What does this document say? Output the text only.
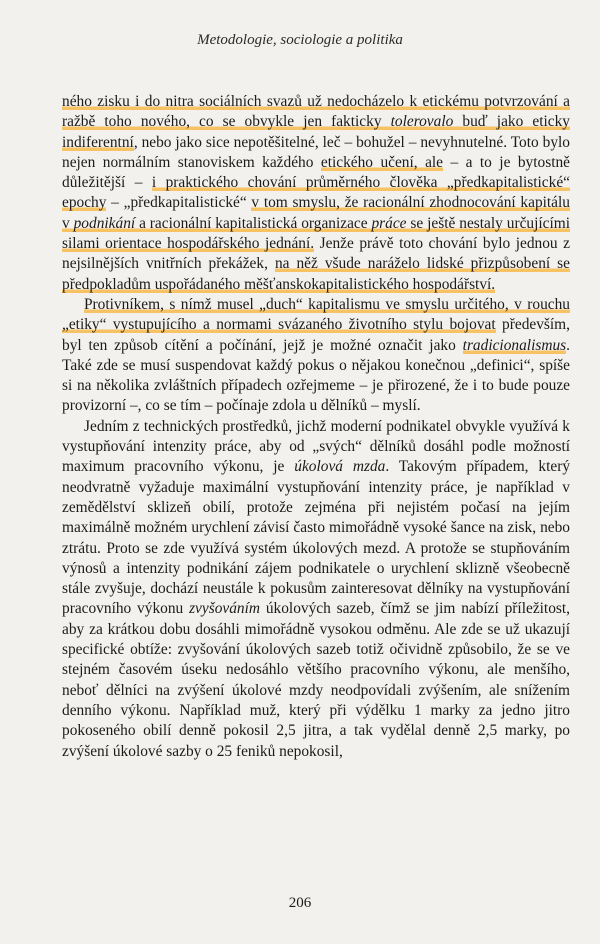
Metodologie, sociologie a politika

ného zisku i do nitra sociálních svazů už nedocházelo k etickému potvrzování a ražbě toho nového, co se obvykle jen fakticky tolerovalo buď jako eticky indiferentní, nebo jako sice nepotěšitelné, leč – bohužel – nevyhnutelné. Toto bylo nejen normálním stanoviskem každého etického učení, ale – a to je bytostně důležitější – i praktického chování průměrného člověka „předkapitalistické“ epochy – „předkapitalistické“ v tom smyslu, že racionální zhodnocování kapitálu v podnikání a racionální kapitalistická organizace práce se ještě nestaly určujícími silami orientace hospodářského jednání. Jenže právě toto chování bylo jednou z nejsilnějších vnitřních překážek, na něž všude naráželo lidské přizpůsobení se předpokladům uspořádaného měšťanskokapitalistického hospodářství.

Protivníkem, s nímž musel „duch“ kapitalismu ve smyslu určitého, v rouchu „etiky“ vystupujícího a normami svázaného životního stylu bojovat především, byl ten způsob cítění a počínání, jejž je možné označit jako tradicionalismus. Také zde se musí suspendovat každý pokus o nějakou konečnou „definici“, spíše si na několika zvláštních případech ozřejmeme – je přirozené, že i to bude pouze provizorní –, co se tím – počínaje zdola u dělníků – myslí.

Jedním z technických prostředků, jichž moderní podnikatel obvykle využívá k vystupňování intenzity práce, aby od „svých“ dělníků dosáhl podle možností maximum pracovního výkonu, je úkolová mzda. Takovým případem, který neodvratně vyžaduje maximální vystupňování intenzity práce, je například v zemědělství sklizeň obilí, protože zejména při nejistém počasí na jejím maximálně možném urychlení závisí často mimořádně vysoké šance na zisk, nebo ztrátu. Proto se zde využívá systém úkolových mezd. A protože se stupňováním výnosů a intenzity podnikání zájem podnikatele o urychlení sklizně všeobecně stále zvyšuje, dochází neustále k pokusům zainteresovat dělníky na vystupňování pracovního výkonu zvyšováním úkolových sazeb, čímž se jim nabízí příležitost, aby za krátkou dobu dosáhli mimořádně vysokou odměnu. Ale zde se už ukazují specifické obtíže: zvyšování úkolových sazeb totiž očividně způsobilo, že se ve stejném časovém úseku nedosáhlo většího pracovního výkonu, ale menšího, neboť dělníci na zvýšení úkolové mzdy neodpovídali zvýšením, ale snížením denního výkonu. Například muž, který při výdělku 1 marky za jedno jitro pokoseného obilí denně pokosil 2,5 jitra, a tak vydělal denně 2,5 marky, po zvýšení úkolové sazby o 25 feniků nepokosil,

206
